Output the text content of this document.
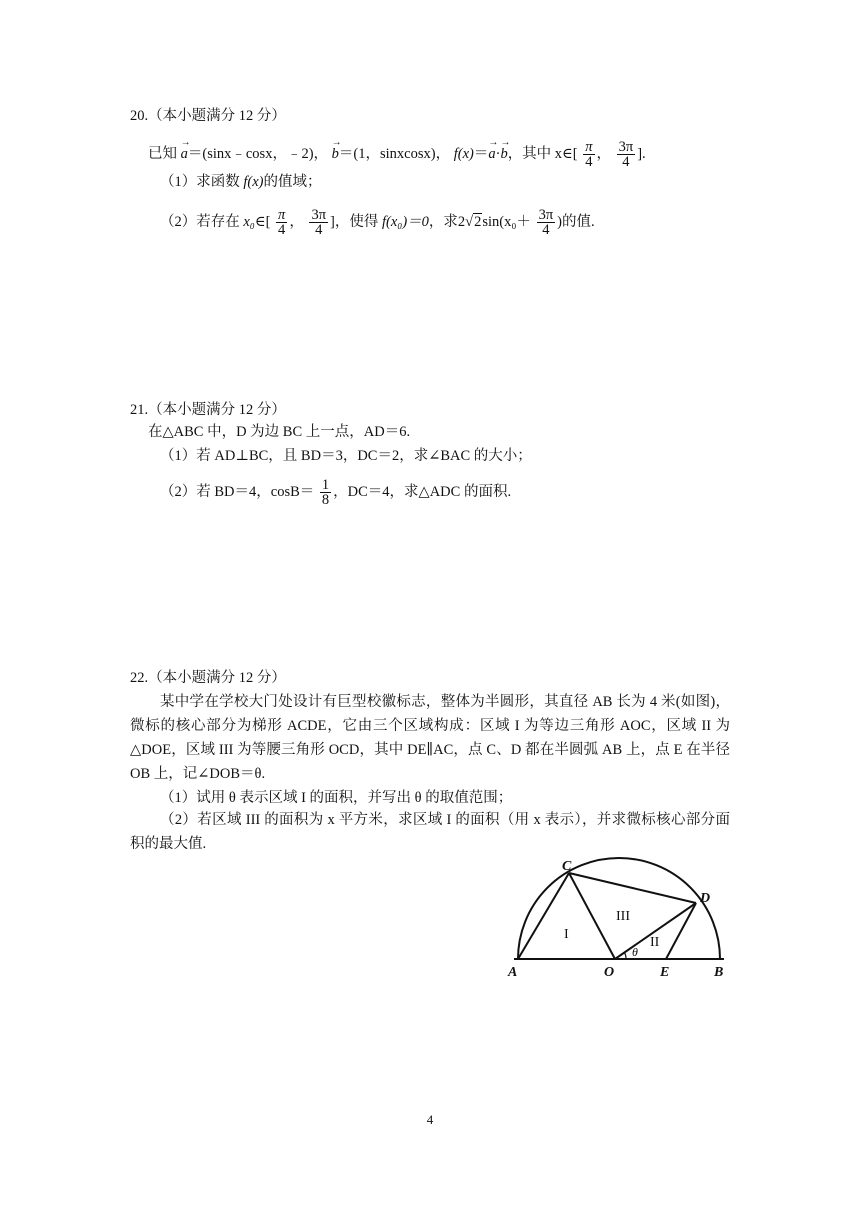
20.（本小题满分 12 分）
已知 → a＝(sinx﹣cosx，﹣2)， → b＝(1，sinxcosx)， f(x)＝→ a·→ b，其中 x∈[ $\frac{\pi}{4}$ ， $\frac{3\pi}{4}$ ].
（1）求函数 f(x)的值域；
（2）若存在 x₀∈[ $\frac{\pi}{4}$ ， $\frac{3\pi}{4}$ ]，使得 f(x₀)＝0，求$2√2\sin(x_0+ \frac{3\pi}{4}$ )的值.
21.（本小题满分 12 分）
在△ABC 中，D 为边 BC 上一点，AD＝6.
（1）若 AD⊥BC，且 BD＝3，DC＝2，求∠BAC 的大小；
（2）若 BD＝4，$\cos B= \frac{1}{8}$ ，DC＝4，求△ADC 的面积.
22.（本小题满分 12 分）
某中学在学校大门处设计有巨型校徽标志，整体为半圆形，其直径 AB 长为 4 米(如图)，微标的核心部分为梯形 ACDE，它由三个区域构成：区域 I 为等边三角形 AOC，区域 II 为△DOE，区域 III 为等腰三角形 OCD，其中 DE∥AC，点 C、D 都在半圆弧 AB 上，点 E 在半径 OB 上，记∠DOB＝θ.
（1）试用 θ 表示区域 I 的面积，并写出 θ 的取值范围；
（2）若区域 III 的面积为 x 平方米，求区域 I 的面积（用 x 表示），并求微标核心部分面积的最大值.
A	O	E	B
C
D
I
II
III
θ
4
